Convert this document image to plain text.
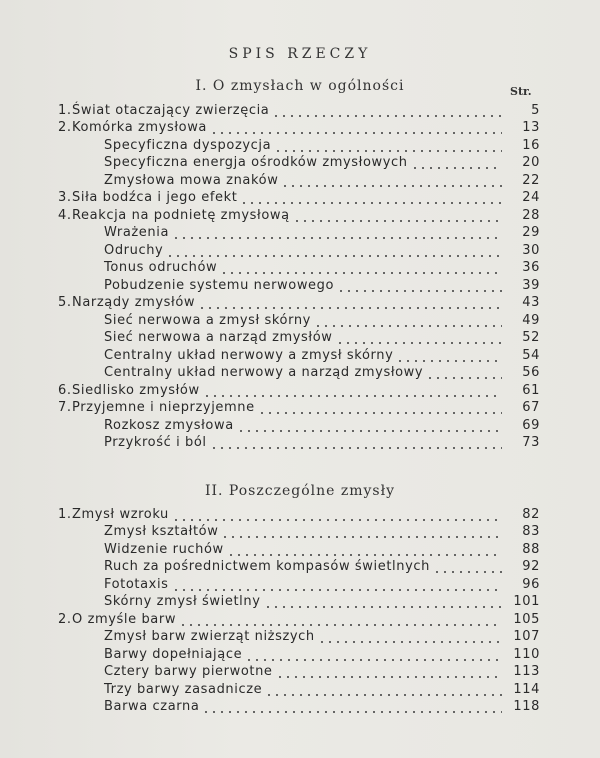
SPIS RZECZY
I. O zmysłach w ogólności	Str.
1. Świat otaczający zwierzęcia	5
2. Komórka zmysłowa	13
Specyficzna dyspozycja	16
Specyficzna energja ośrodków zmysłowych	20
Zmysłowa mowa znaków	22
3. Siła bodźca i jego efekt	24
4. Reakcja na podnietę zmysłową	28
Wrażenia	29
Odruchy	30
Tonus odruchów	36
Pobudzenie systemu nerwowego	39
5. Narządy zmysłów	43
Sieć nerwowa a zmysł skórny	49
Sieć nerwowa a narząd zmysłów	52
Centralny układ nerwowy a zmysł skórny	54
Centralny układ nerwowy a narząd zmysłowy	56
6. Siedlisko zmysłów	61
7. Przyjemne i nieprzyjemne	67
Rozkosz zmysłowa	69
Przykrość i ból	73
II. Poszczególne zmysły
1. Zmysł wzroku	82
Zmysł kształtów	83
Widzenie ruchów	88
Ruch za pośrednictwem kompasów świetlnych	92
Fototaxis	96
Skórny zmysł świetlny	101
2. O zmyśle barw	105
Zmysł barw zwierząt niższych	107
Barwy dopełniające	110
Cztery barwy pierwotne	113
Trzy barwy zasadnicze	114
Barwa czarna	118
